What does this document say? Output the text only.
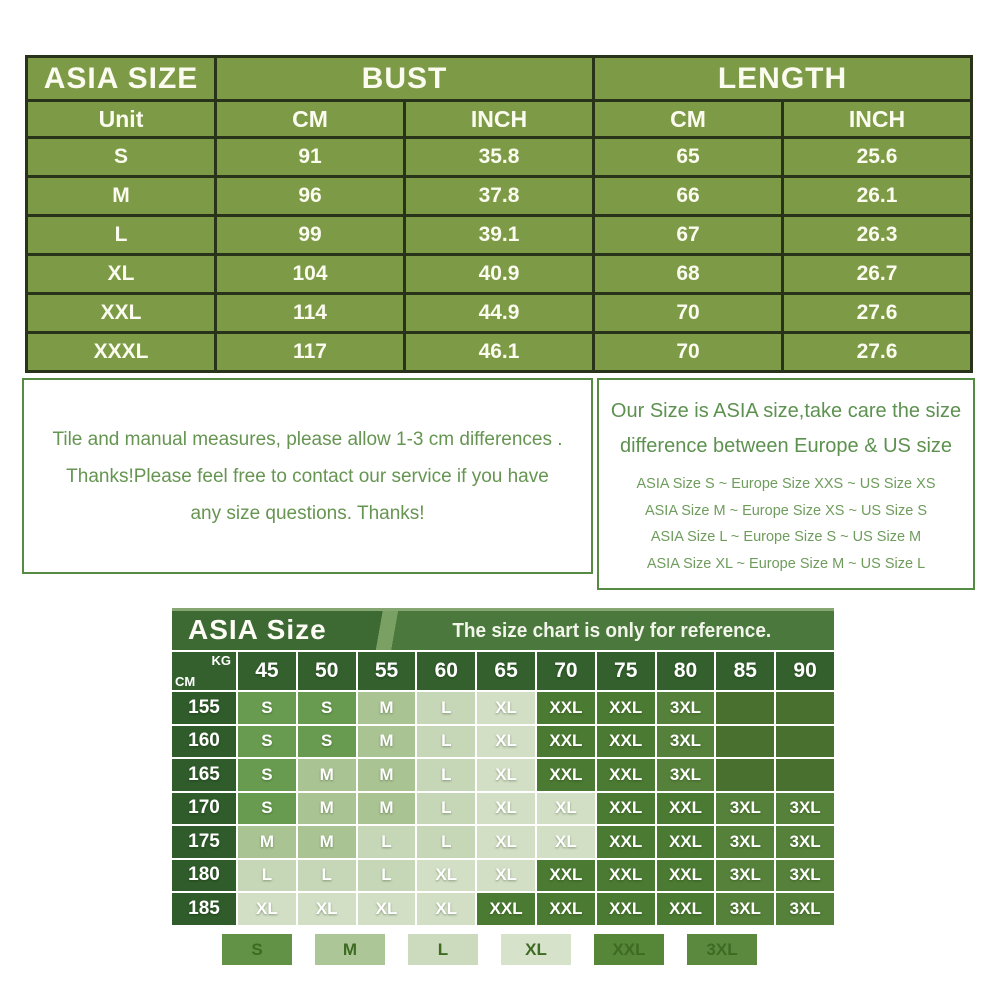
ASIA SIZE	BUST		LENGTH	
Unit	CM	INCH	CM	INCH
S	91	35.8	65	25.6
M	96	37.8	66	26.1
L	99	39.1	67	26.3
XL	104	40.9	68	26.7
XXL	114	44.9	70	27.6
XXXL	117	46.1	70	27.6
Tile and manual measures, please allow 1-3 cm differences .
Thanks!Please feel free to contact our service if you have
any size questions. Thanks!
Our Size is ASIA size,take care the size
difference between Europe & US size
ASIA Size S ~ Europe Size XXS ~ US Size XS
ASIA Size M ~ Europe Size XS ~ US Size S
ASIA Size L ~ Europe Size S ~ US Size M
ASIA Size XL ~ Europe Size M ~ US Size L
ASIA Size	The size chart is only for reference.
KG
CM	45	50	55	60	65	70	75	80	85	90
155	S	S	M	L	XL	XXL	XXL	3XL
160	S	S	M	L	XL	XXL	XXL	3XL
165	S	M	M	L	XL	XXL	XXL	3XL
170	S	M	M	L	XL	XL	XXL	XXL	3XL	3XL
175	M	M	L	L	XL	XL	XXL	XXL	3XL	3XL
180	L	L	L	XL	XL	XXL	XXL	XXL	3XL	3XL
185	XL	XL	XL	XL	XXL	XXL	XXL	XXL	3XL	3XL
S	M	L	XL	XXL	3XL
